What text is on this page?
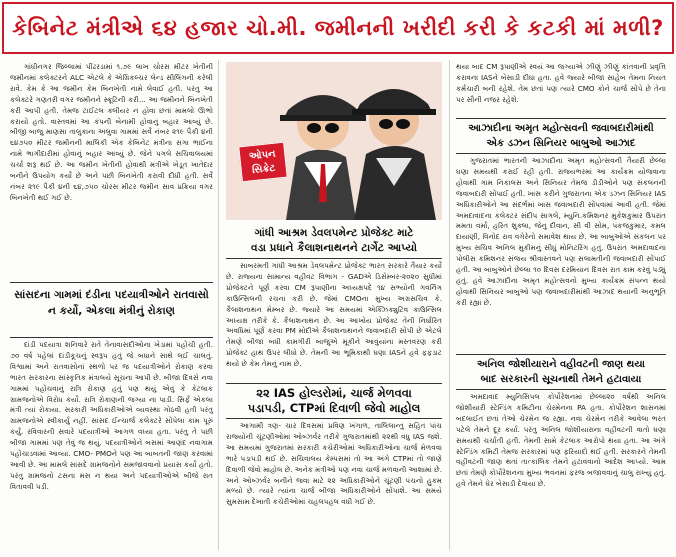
કેબિનેટ મંત્રીએ ૬૪ હજાર ચો.મી. જમીનની ખરીદી કરી કે કટકી માં મળી?

ગાંધીનગર જિલ્લામાં પીંઢરડામાં ૧.૭૯ લાખ ચોરસ મીટર ખેતીની જમીનમાં કલેક્ટરને ALC એટલે કે એગ્રિકલ્ચર લેન્ડ સીલિંગની કરેલી રાવે. કેમ કે આ જમીન કેમ બિનખેતી નામે લેવાઈ હતી. પરંતુ આ કલેક્ટરે ગણતરી વગર જમીનને સ્ક્રૂટિની કરી... આ જમીનને બિનખેતી કરી આપી હતી. તેમજ ટાઈટલ ક્લીયર ન હોવા છતાં મામલો ઊભો કરાયો હતો. વાસ્તવમાં આ કંપની બેનામી હોવાનું બહાર આવ્યું છે. બીજી બાજુ માણસા તાલુકાના અલુવા ગામમાં સર્વે નંબર ૨૧૯ પૈકી ૪ની ૬૪૭૫૦ મીટર જમીનની માલિકી એક કેબિનેટ મંત્રીના સગા ભાઈના નામે ભાગીદારીમાં હોવાનું બહાર આવ્યું છે. જેને પગલે સચિવાલયમાં ચર્ચા શરૂ થઈ છે. આ જમીન ખેતીની હોવાથી મંત્રીએ ખેડૂત ખાતેદાર બનીને ઉપયોગ કર્યો છે અને પછી બિનખેતી કરાવી દીધી હતી. સર્વે નંબર ૨૧૯ પૈકી ૪ની ૬૪,૭૫૦ ચોરસ મીટર જમીન સાવ પ્રક્રિયા વગર બિનખેતી થઈ ગઈ છે.

સાંસદના ગામમાં દંડીના પદયાત્રીઓને રાતવાસો ન કર્યો, એકલા મંત્રીનું રોકાણ

દાંડી પદયાત્રા શનિવારે રાતે તેનાવાસદીઓના ખેડામાં પહોંચી હતી. ૭૦ વર્ષ પહેલાં દાંડીકૂચનું સ્વરૂપ હતું જે બધાને સાથે લઈ ચાલતું. વિશ્વામાં અને રાતવાસોનાં સ્થળો પર જ પદયાત્રીઓને રોકાણ કરવા ભારત સરકારના સાંસ્કૃતિક મંત્રાલયે સૂચના આપી છે. બીજા દિવસે નવા ગામમાં પહોંચવાનું રાત્રિ રોકાણ હતું પણ થયું એવું કે કેટલાક ગ્રામજનોએ વિરોધ કર્યો. રાત્રિ રોકાણની જગ્યા ના પાડી. સિર્ફ એકલા મંત્રી ત્યાં રોકાયા. સરકારી અધિકારીઓએ વ્યવસ્થા ગોઠવી હતી પરંતુ ગ્રામજનોએ સ્વીકાર્યું નહીં. સાંસદ ઈન્ચાર્જ કલેક્ટરે સોંપેલા કામ પૂરું કર્યું. રવિવારની સવારે પદયાત્રીઓ આગળ વધ્યા હતા. પરંતુ તે પછી બીજા ગામમાં પણ તેવું જ થયું. પદયાત્રીઓને બસમાં આણંદ નવાગામ પહોંચાડવામાં આવ્યા. CMO- PMOને પણ આ બાબતની જાણ કરવામાં આવી છે. આ મામલે સાંસદે ગ્રામજનોને સમજાવવાનો પ્રયાસ કર્યો હતો. પરંતુ ગ્રામજનો ટસના મસ ન થયા અને પદયાત્રીઓએ બીજે રાત વિતાવવી પડી.

ઓપન સિક્રેટ

ગાંધી આશ્રમ ડેવલપમેન્ટ પ્રોજેક્ટ માટે

વડા પ્રધાને કૈલાશનાથનને ટાર્ગેટ આપ્યો

સાબરમતી ગાંધી આશ્રમ ડેવલપમેન્ટ પ્રોજેક્ટ ભારત સરકારે તૈયાર કર્યો છે. રાજ્યના સામાન્ય વહીવટ વિભાગ - GADએ ડિસેમ્બર-૨૦૨૦ સુધીમાં પ્રોજેક્ટને પૂર્ણ કરવા CM રૂપાણીના અધ્યક્ષપદે ૧૪ સભ્યોની ગવર્નિંગ કાઉન્સિલની રચના કરી છે. જેમાં CMOના મુખ્ય અગ્રસચિવ કે. કૈલાશનાથન મેમ્બર છે. જ્યારે આ સમયમાં એક્ઝિક્યુટિવ કાઉન્સિલ અધ્યક્ષ તરીકે કે. કૈલાશનાથન છે. આ આખોય પ્રોજેક્ટ તેની નિર્ધારિત અવધિમાં પૂર્ણ કરવા PM મોદીએ કૈલાશનાથનને જવાબદારી સોંપી છે એટલે તેમણે બીજા બધી કામગીરી બાજુએ મૂકીને આવુંયાંના મસ્તવરણ કરી પ્રોજેક્ટ હાથ ઉપર લીધો છે. તેમની આ ભૂમિકાથી ઘણા IASને હવે ફફડાટ થયો છે કેમ તેમનું નામ છે.

૨૨ IAS હોલ્ડરોમાં, ચાર્જ મેળવવા

પડાપડી, CTPમાં દિવાળી જેવો માહોલ

આગામી ત્રણ- ચાર દિવસમાં પ્રવિણ ખંગાળ, તાલિલાન્તુ સહિત પાંચ રાજ્યોની ચૂંટણીઓમાં ઓબ્ઝર્વર તરીકે ગુજરાતમાંથી ૨૨થી વધુ IAS જશે. આ સમયમાં ગુજરાતમાં સરકારી કચેરીઓમાં અધિકારીઓના ચાર્જ મેળવવા ભારે પડાપડી થઈ છે. સચિવાલય કેમ્પસમાં તો આ અંગે CTPમાં તો જાણે દિવાળી જેવો માહોલ છે. અનેક મંત્રીઓ પણ નવા ચાર્જ મળવાની આશામાં છે. અને ઓબ્ઝર્વર બનીને જવા માટે ૨૨ અધિકારીઓને ચૂંટણી પંચનો હુકમ મળ્યો છે. ત્યારે ત્યાંના ચાર્જ બીજા અધિકારીઓને સોંપાશે. આ સમયે સુમસામ દેખાતી કચેરીઓમાં ચહલપહલ વધી ગઈ છે.

થયા બાદ CM રૂપાણીએ સ્વયં આ જગ્યાએ ઝીણું ઝીણું કાંતવાની પ્રવૃત્તિ કરાવના IASને બેસાડી દીધા હતા. હવે જ્યારે બીજા સાહેબ તેમના નિયત કર્મચારી બની રહેશે. તેમ છતાં પણ ત્યારે CMO કોને ચાર્જ સોંપે છે તેના પર સૌની નજર રહેશે.

આઝાદીના અમૃત મહોત્સવની જવાબદારીમાંથી

એક ડઝન સિનિયર બાબુઓ આઝાદ

ગુજરાતમાં ભારતની આઝાદીના અમૃત મહોત્સવની તૈયારી છેલ્લા ઘણા સમયથી કરાઈ રહી હતી. રાજ્યભરમાં આ કાર્યક્રમ યોજવાના હોવાથી ગામ નિકાલસ અને સિનિયર તેમજ ડીડીઓને પણ સંકલનની જવાબદારી સોંપાઈ હતી. ખાસ કરીને ગુજરાતના એક ડઝન સિનિયર IAS અધિકારીઓને આ સંદર્ભમાં ખાસ જવાબદારી સોંપવામાં આવી હતી. જેમાં અમદાવાદના કલેક્ટર સંદીપ સાગલે, મ્યુનિ.કમિશનર મુકેશકુમાર ઉપરાંત મમતા વર્મા, હરિત શુક્લા, જેનુ દીવાન, સી વી સોમ, પંકજકુમાર, કમલ દાયાણી, વિનોદ રાવ વગેરેનો સમાવેશ થાય છે. આ બાબુઓએ સંકલન પર મુખ્ય સચિવ અનિલ મુકીમનું સીધું મોનિટરિંગ હતું. ઉપરાંત અમદાવાદના પોલીસ કમિશનર સંજય શ્રીવાસ્તવને પણ સલામતીની જવાબદારી સોંપાઈ હતી. આ બાબુઓને છેલ્લા ૧૦ દિવસ દરમિયાન દિવસ રાત કામ કરવું પડ્યું હતું. હવે આઝાદીના અમૃત મહોત્સવનો મુખ્ય કાર્યક્રમ સંપન્ન થયો હોવાથી સિનિયર બાબુઓ પણ જવાબદારીમાંથી આઝાદ થયાની અનુભૂતિ કરી રહ્યા છે.

અનિલ જોશીયારાને વહીવટની જાણ થયા

બાદ સરકારની સૂચનાથી તેમને હટાવાયા

અમદાવાદ મ્યુનિસિપલ કોર્પોરેશનમાં છેલ્લા૨૦ વર્ષથી અનિલ જોશીયારી સ્ટેન્ડિંગ કમિટીના ચેરમેનના PA હતા. કોર્પોરેશન શાસનમાં બદલાઈત છતાં તેઓ ચેરમેન જ રહ્યા. નવા ચેરમેન તરીકે આવેલા ભરત પટેલે તેમને દૂર કર્યા. પરંતુ અનિલ જોશીયારાના વહીવટની વાતો ઘણા સમયથી ચર્ચાતી હતી. તેમની સામે કેટલાક આરોપો થયા હતા. આ અંગે સ્ટેન્ડિંગ કમિટી તેમજ સરકારમાં પણ ફરિયાદો થઈ હતી. સરકારને તેમની વહીવટની જાણ થતાં તાત્કાલિક તેમને હટાવવાનો આદેશ આપ્યો. આમ છતાં તેમણે કોર્પોરેશનના મુખ્ય ભવનમાં ફરજ બજાવવાનું ચાલુ રાખ્યું હતું. હવે તેમને ઘેર બેસાડી દેવાયા છે.
